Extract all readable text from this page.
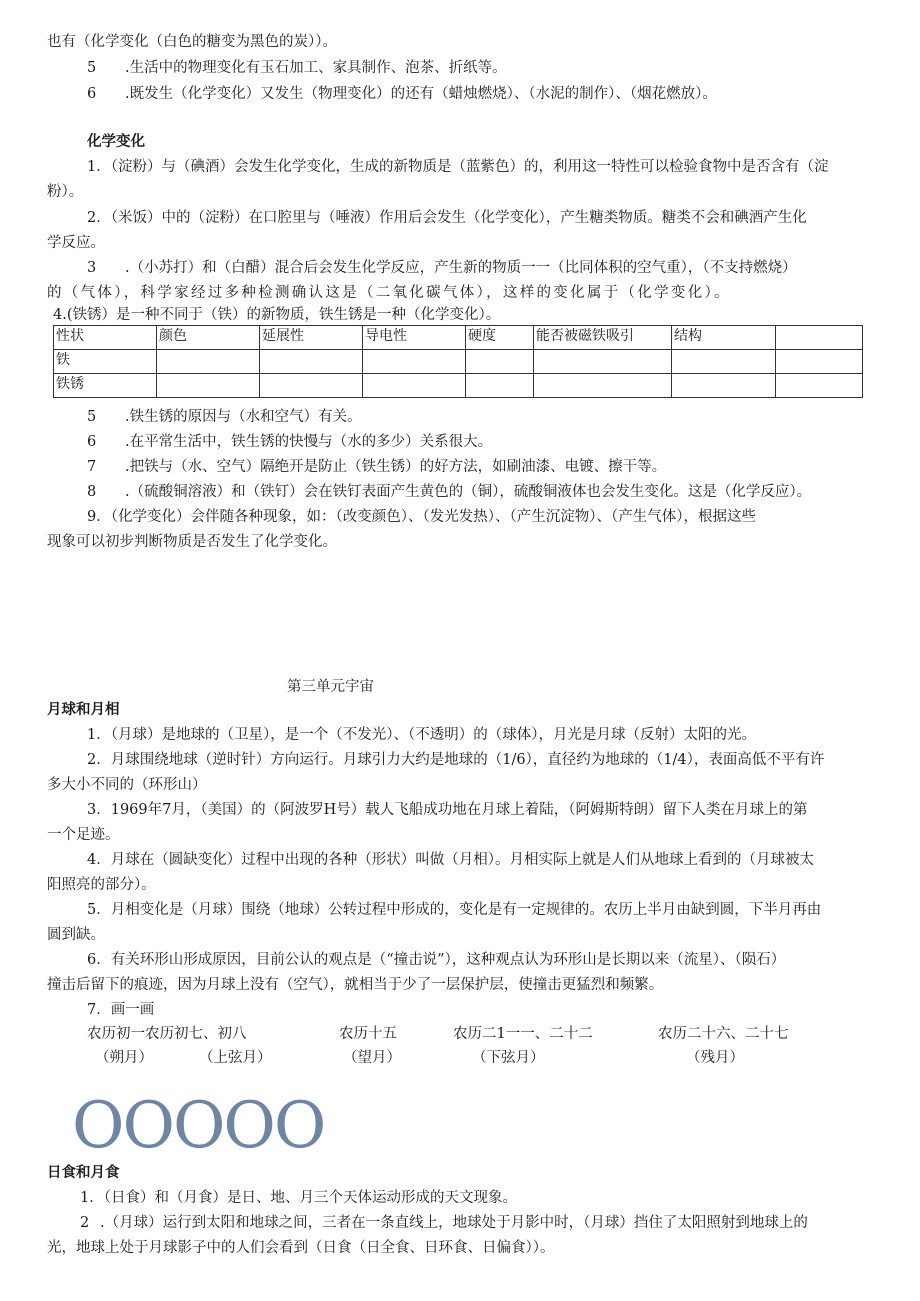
也有（化学变化（白色的糖变为黑色的炭））。
5 .生活中的物理变化有玉石加工、家具制作、泡茶、折纸等。
6 .既发生（化学变化）又发生（物理变化）的还有（蜡烛燃烧）、（水泥的制作）、（烟花燃放）。
化学变化
1．（淀粉）与（碘酒）会发生化学变化，生成的新物质是（蓝紫色）的，利用这一特性可以检验食物中是否含有（淀
粉）。
2．（米饭）中的（淀粉）在口腔里与（唾液）作用后会发生（化学变化），产生糖类物质。糖类不会和碘酒产生化
学反应。
3 .（小苏打）和（白醋）混合后会发生化学反应，产生新的物质一一（比同体积的空气重），（不支持燃烧）
的（气体），科学家经过多种检测确认这是（二氧化碳气体），这样的变化属于（化学变化）。
4.(铁锈）是一种不同于（铁）的新物质，铁生锈是一种（化学变化）。
性状	颜色	延展性	导电性	硬度	能否被磁铁吸引	结构	
铁							
铁锈							
5 .铁生锈的原因与（水和空气）有关。
6 .在平常生活中，铁生锈的快慢与（水的多少）关系很大。
7 .把铁与（水、空气）隔绝开是防止（铁生锈）的好方法，如刷油漆、电镀、擦干等。
8 .（硫酸铜溶液）和（铁钉）会在铁钉表面产生黄色的（铜），硫酸铜液体也会发生变化。这是（化学反应）。
9．（化学变化）会伴随各种现象，如：（改变颜色）、（发光发热）、（产生沉淀物）、（产生气体），根据这些
现象可以初步判断物质是否发生了化学变化。
第三单元宇宙
月球和月相
1．（月球）是地球的（卫星），是一个（不发光）、（不透明）的（球体），月光是月球（反射）太阳的光。
2．月球围绕地球（逆时针）方向运行。月球引力大约是地球的（1/6），直径约为地球的（1/4），表面高低不平有许
多大小不同的（环形山）
3．1969年7月，（美国）的（阿波罗H号）载人飞船成功地在月球上着陆，（阿姆斯特朗）留下人类在月球上的第
一个足迹。
4．月球在（圆缺变化）过程中出现的各种（形状）叫做（月相）。月相实际上就是人们从地球上看到的（月球被太
阳照亮的部分）。
5．月相变化是（月球）围绕（地球）公转过程中形成的，变化是有一定规律的。农历上半月由缺到圆，下半月再由
圆到缺。
6．有关环形山形成原因，目前公认的观点是（“撞击说”），这种观点认为环形山是长期以来（流星）、（陨石）
撞击后留下的痕迹，因为月球上没有（空气），就相当于少了一层保护层，使撞击更猛烈和频繁。
7．画一画
农历初一农历初七、初八	农历十五	农历二1一一、二十二	农历二十六、二十七
（朔月）	（上弦月）	（望月）	（下弦月）	（残月）
OOOOO
日食和月食
1．（日食）和（月食）是日、地、月三个天体运动形成的天文现象。
2 .（月球）运行到太阳和地球之间，三者在一条直线上，地球处于月影中时，（月球）挡住了太阳照射到地球上的
光，地球上处于月球影子中的人们会看到（日食（日全食、日环食、日偏食））。
